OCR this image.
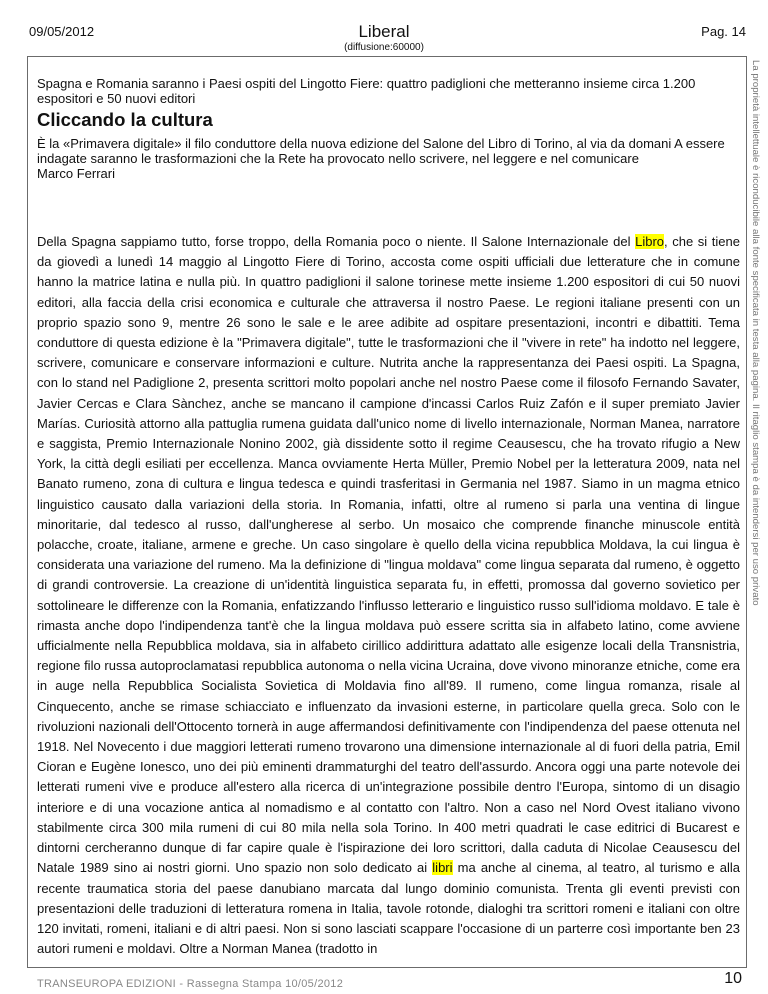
09/05/2012	Liberal
(diffusione:60000)
Pag. 14
La proprietà intellettuale è riconducibile alla fonte specificata in testa alla pagina. Il ritaglio stampa è da intendersi per uso privato

Spagna e Romania saranno i Paesi ospiti del Lingotto Fiere: quattro padiglioni che metteranno insieme circa 1.200 espositori e 50 nuovi editori

Cliccando la cultura

È la «Primavera digitale» il filo conduttore della nuova edizione del Salone del Libro di Torino, al via da domani A essere indagate saranno le trasformazioni che la Rete ha provocato nello scrivere, nel leggere e nel comunicare

Marco Ferrari

Della Spagna sappiamo tutto, forse troppo, della Romania poco o niente. Il Salone Internazionale del Libro, che si tiene da giovedì a lunedì 14 maggio al Lingotto Fiere di Torino, accosta come ospiti ufficiali due letterature che in comune hanno la matrice latina e nulla più. In quattro padiglioni il salone torinese mette insieme 1.200 espositori di cui 50 nuovi editori, alla faccia della crisi economica e culturale che attraversa il nostro Paese. Le regioni italiane presenti con un proprio spazio sono 9, mentre 26 sono le sale e le aree adibite ad ospitare presentazioni, incontri e dibattiti. Tema conduttore di questa edizione è la "Primavera digitale", tutte le trasformazioni che il "vivere in rete" ha indotto nel leggere, scrivere, comunicare e conservare informazioni e culture. Nutrita anche la rappresentanza dei Paesi ospiti. La Spagna, con lo stand nel Padiglione 2, presenta scrittori molto popolari anche nel nostro Paese come il filosofo Fernando Savater, Javier Cercas e Clara Sànchez, anche se mancano il campione d'incassi Carlos Ruiz Zafón e il super premiato Javier Marías. Curiosità attorno alla pattuglia rumena guidata dall'unico nome di livello internazionale, Norman Manea, narratore e saggista, Premio Internazionale Nonino 2002, già dissidente sotto il regime Ceausescu, che ha trovato rifugio a New York, la città degli esiliati per eccellenza. Manca ovviamente Herta Müller, Premio Nobel per la letteratura 2009, nata nel Banato rumeno, zona di cultura e lingua tedesca e quindi trasferitasi in Germania nel 1987. Siamo in un magma etnico linguistico causato dalla variazioni della storia. In Romania, infatti, oltre al rumeno si parla una ventina di lingue minoritarie, dal tedesco al russo, dall'ungherese al serbo. Un mosaico che comprende finanche minuscole entità polacche, croate, italiane, armene e greche. Un caso singolare è quello della vicina repubblica Moldava, la cui lingua è considerata una variazione del rumeno. Ma la definizione di "lingua moldava" come lingua separata dal rumeno, è oggetto di grandi controversie. La creazione di un'identità linguistica separata fu, in effetti, promossa dal governo sovietico per sottolineare le differenze con la Romania, enfatizzando l'influsso letterario e linguistico russo sull'idioma moldavo. E tale è rimasta anche dopo l'indipendenza tant'è che la lingua moldava può essere scritta sia in alfabeto latino, come avviene ufficialmente nella Repubblica moldava, sia in alfabeto cirillico addirittura adattato alle esigenze locali della Transnistria, regione filo russa autoproclamatasi repubblica autonoma o nella vicina Ucraina, dove vivono minoranze etniche, come era in auge nella Repubblica Socialista Sovietica di Moldavia fino all'89. Il rumeno, come lingua romanza, risale al Cinquecento, anche se rimase schiacciato e influenzato da invasioni esterne, in particolare quella greca. Solo con le rivoluzioni nazionali dell'Ottocento tornerà in auge affermandosi definitivamente con l'indipendenza del paese ottenuta nel 1918. Nel Novecento i due maggiori letterati rumeno trovarono una dimensione internazionale al di fuori della patria, Emil Cioran e Eugène Ionesco, uno dei più eminenti drammaturghi del teatro dell'assurdo. Ancora oggi una parte notevole dei letterati rumeni vive e produce all'estero alla ricerca di un'integrazione possibile dentro l'Europa, sintomo di un disagio interiore e di una vocazione antica al nomadismo e al contatto con l'altro. Non a caso nel Nord Ovest italiano vivono stabilmente circa 300 mila rumeni di cui 80 mila nella sola Torino. In 400 metri quadrati le case editrici di Bucarest e dintorni cercheranno dunque di far capire quale è l'ispirazione dei loro scrittori, dalla caduta di Nicolae Ceausescu del Natale 1989 sino ai nostri giorni. Uno spazio non solo dedicato ai libri ma anche al cinema, al teatro, al turismo e alla recente traumatica storia del paese danubiano marcata dal lungo dominio comunista. Trenta gli eventi previsti con presentazioni delle traduzioni di letteratura romena in Italia, tavole rotonde, dialoghi tra scrittori romeni e italiani con oltre 120 invitati, romeni, italiani e di altri paesi. Non si sono lasciati scappare l'occasione di un parterre così importante ben 23 autori rumeni e moldavi. Oltre a Norman Manea (tradotto in

TRANSEUROPA EDIZIONI - Rassegna Stampa 10/05/2012	10
